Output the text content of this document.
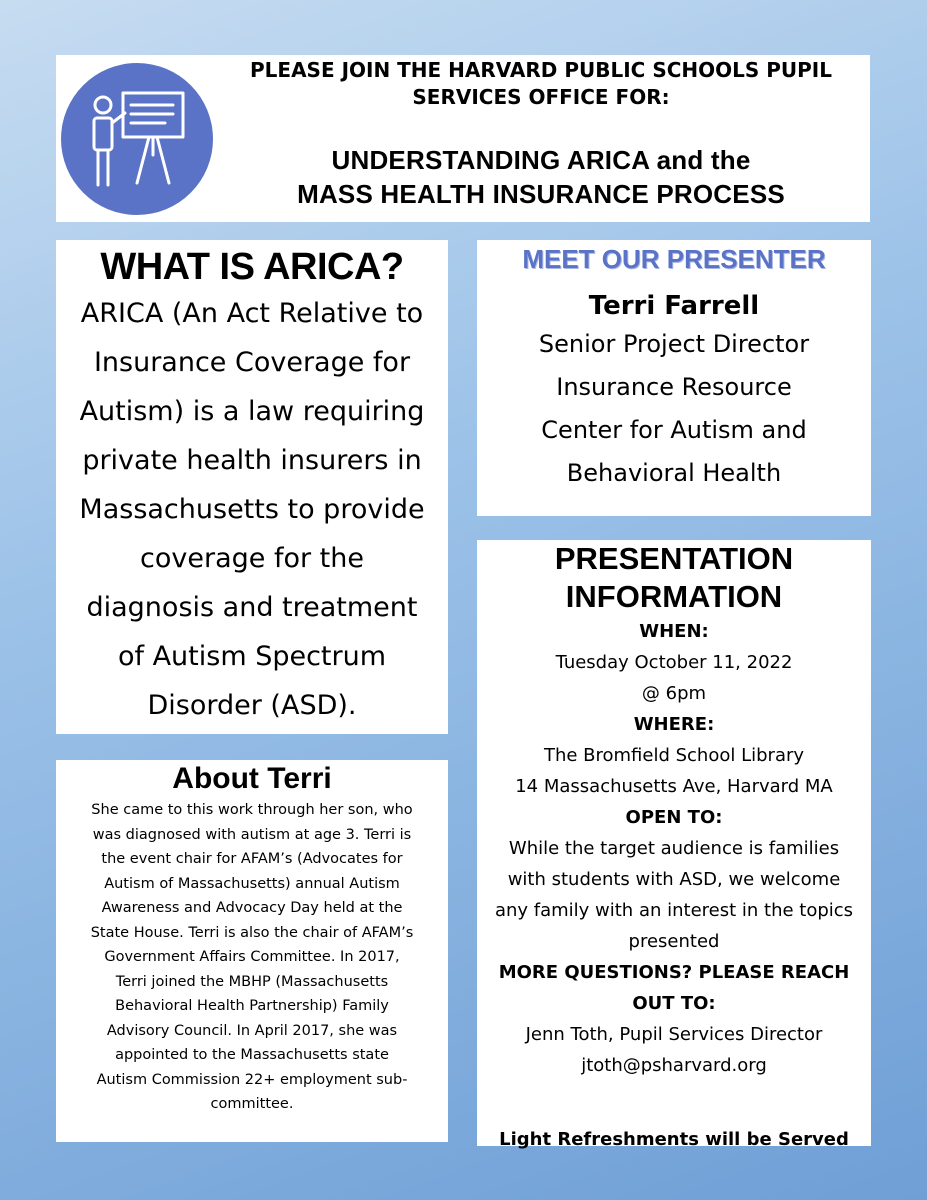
PLEASE JOIN THE HARVARD PUBLIC SCHOOLS PUPIL
SERVICES OFFICE FOR:
UNDERSTANDING ARICA and the
MASS HEALTH INSURANCE PROCESS
WHAT IS ARICA?
ARICA (An Act Relative to
Insurance Coverage for
Autism) is a law requiring
private health insurers in
Massachusetts to provide
coverage for the
diagnosis and treatment
of Autism Spectrum
Disorder (ASD).
About Terri
She came to this work through her son, who
was diagnosed with autism at age 3. Terri is
the event chair for AFAM’s (Advocates for
Autism of Massachusetts) annual Autism
Awareness and Advocacy Day held at the
State House. Terri is also the chair of AFAM’s
Government Affairs Committee. In 2017,
Terri joined the MBHP (Massachusetts
Behavioral Health Partnership) Family
Advisory Council. In April 2017, she was
appointed to the Massachusetts state
Autism Commission 22+ employment sub-
committee.
MEET OUR PRESENTER
Terri Farrell
Senior Project Director
Insurance Resource
Center for Autism and
Behavioral Health
PRESENTATION
INFORMATION
WHEN:
Tuesday October 11, 2022
@ 6pm
WHERE:
The Bromfield School Library
14 Massachusetts Ave, Harvard MA
OPEN TO:
While the target audience is families
with students with ASD, we welcome
any family with an interest in the topics
presented
MORE QUESTIONS? PLEASE REACH
OUT TO:
Jenn Toth, Pupil Services Director
jtoth@psharvard.org
Light Refreshments will be Served
